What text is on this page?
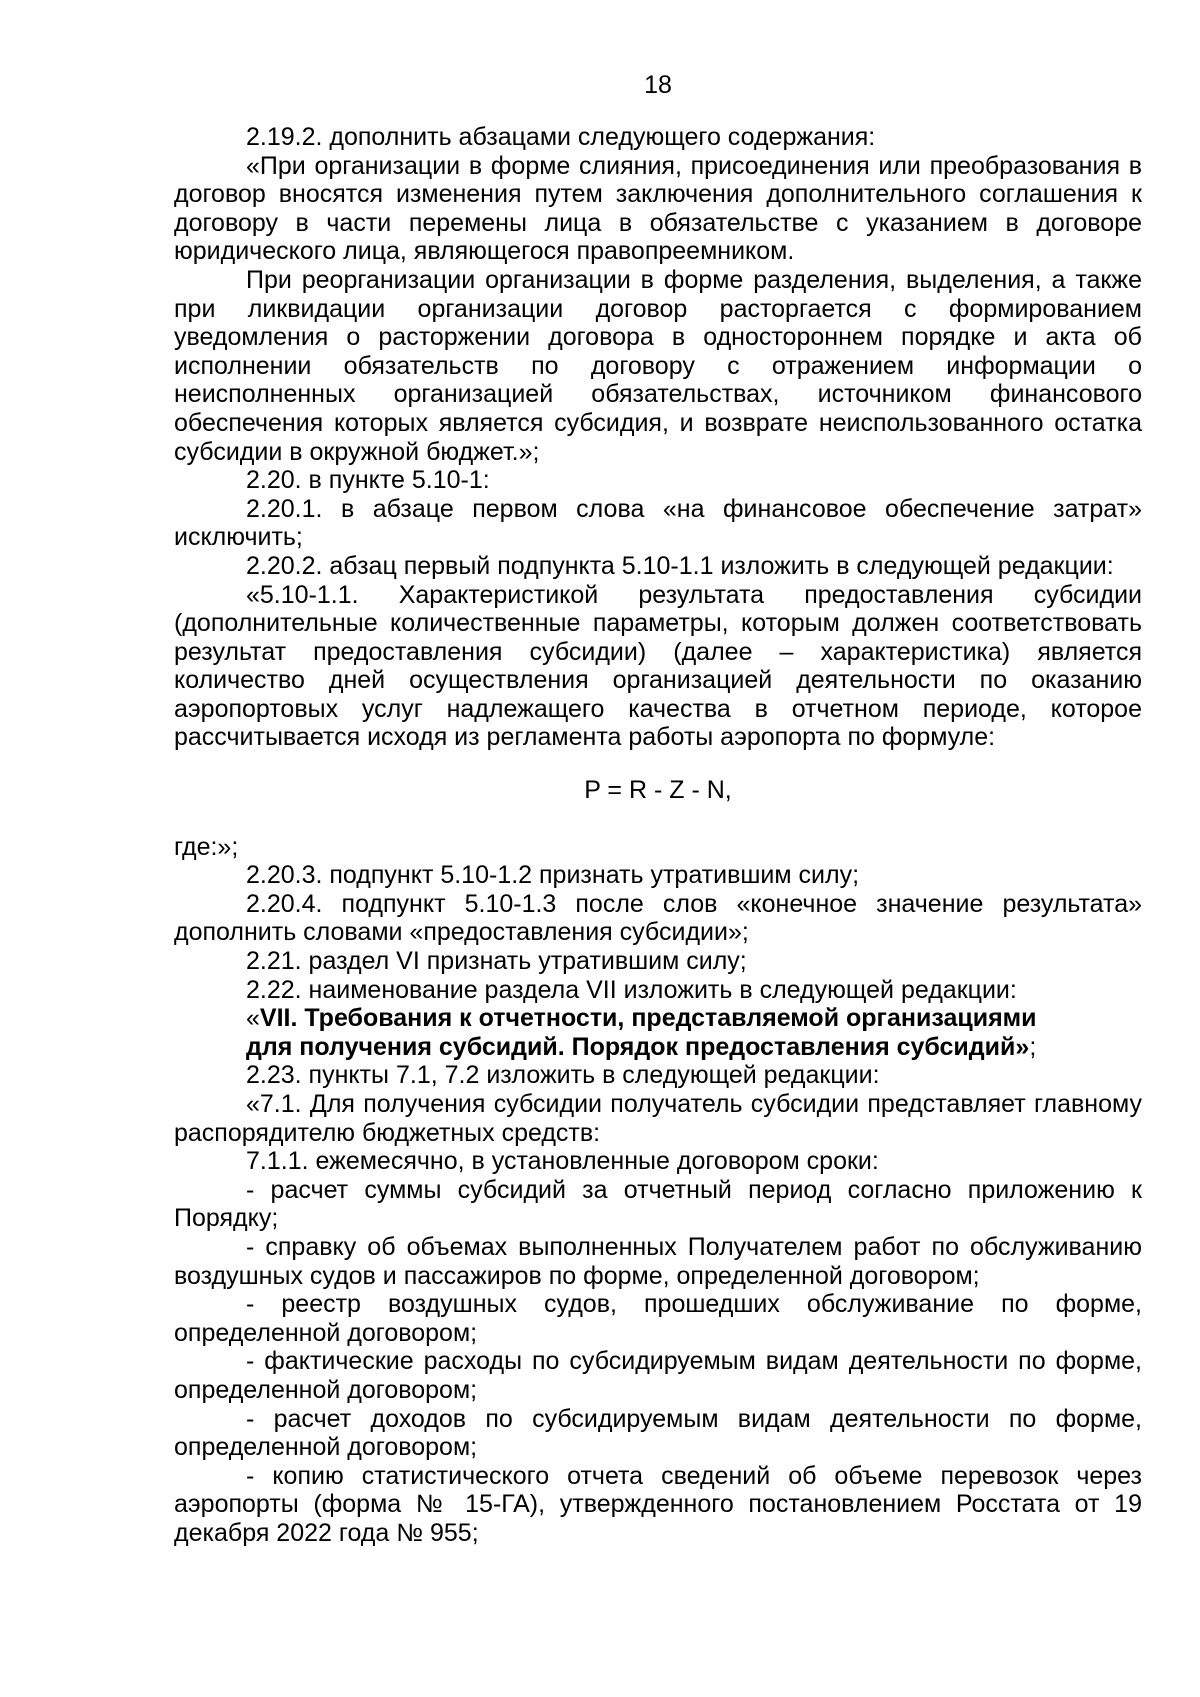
18

2.19.2. дополнить абзацами следующего содержания:

«При организации в форме слияния, присоединения или преобразования в договор вносятся изменения путем заключения дополнительного соглашения к договору в части перемены лица в обязательстве с указанием в договоре юридического лица, являющегося правопреемником.

При реорганизации организации в форме разделения, выделения, а также при ликвидации организации договор расторгается с формированием уведомления о расторжении договора в одностороннем порядке и акта об исполнении обязательств по договору с отражением информации о неисполненных организацией обязательствах, источником финансового обеспечения которых является субсидия, и возврате неиспользованного остатка субсидии в окружной бюджет.»;

2.20. в пункте 5.10-1:

2.20.1. в абзаце первом слова «на финансовое обеспечение затрат» исключить;

2.20.2. абзац первый подпункта 5.10-1.1 изложить в следующей редакции:

«5.10-1.1. Характеристикой результата предоставления субсидии (дополнительные количественные параметры, которым должен соответствовать результат предоставления субсидии) (далее – характеристика) является количество дней осуществления организацией деятельности по оказанию аэропортовых услуг надлежащего качества в отчетном периоде, которое рассчитывается исходя из регламента работы аэропорта по формуле:

P = R - Z - N,

где:»;

2.20.3. подпункт 5.10-1.2 признать утратившим силу;

2.20.4. подпункт 5.10-1.3 после слов «конечное значение результата» дополнить словами «предоставления субсидии»;

2.21. раздел VI признать утратившим силу;

2.22. наименование раздела VII изложить в следующей редакции:

«VII. Требования к отчетности, представляемой организациями
для получения субсидий. Порядок предоставления субсидий»;

2.23. пункты 7.1, 7.2 изложить в следующей редакции:

«7.1. Для получения субсидии получатель субсидии представляет главному распорядителю бюджетных средств:

7.1.1. ежемесячно, в установленные договором сроки:

- расчет суммы субсидий за отчетный период согласно приложению к Порядку;

- справку об объемах выполненных Получателем работ по обслуживанию воздушных судов и пассажиров по форме, определенной договором;

- реестр воздушных судов, прошедших обслуживание по форме, определенной договором;

- фактические расходы по субсидируемым видам деятельности по форме, определенной договором;

- расчет доходов по субсидируемым видам деятельности по форме, определенной договором;

- копию статистического отчета сведений об объеме перевозок через аэропорты (форма № 15-ГА), утвержденного постановлением Росстата от 19 декабря 2022 года № 955;
